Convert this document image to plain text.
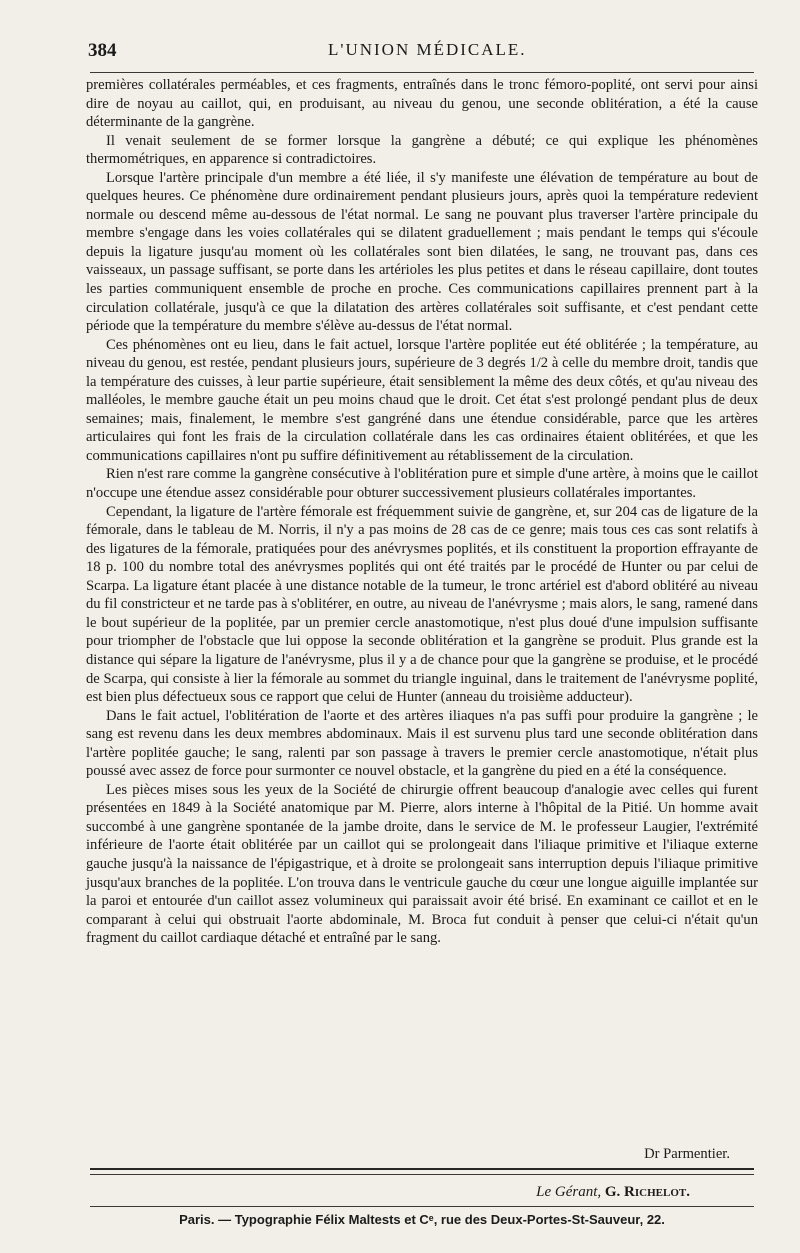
384	L'UNION MÉDICALE.

premières collatérales perméables, et ces fragments, entraînés dans le tronc fémoro-poplité, ont servi pour ainsi dire de noyau au caillot, qui, en produisant, au niveau du genou, une seconde oblitération, a été la cause déterminante de la gangrène.

Il venait seulement de se former lorsque la gangrène a débuté; ce qui explique les phénomènes thermométriques, en apparence si contradictoires.

Lorsque l'artère principale d'un membre a été liée, il s'y manifeste une élévation de température au bout de quelques heures. Ce phénomène dure ordinairement pendant plusieurs jours, après quoi la température redevient normale ou descend même au-dessous de l'état normal. Le sang ne pouvant plus traverser l'artère principale du membre s'engage dans les voies collatérales qui se dilatent graduellement ; mais pendant le temps qui s'écoule depuis la ligature jusqu'au moment où les collatérales sont bien dilatées, le sang, ne trouvant pas, dans ces vaisseaux, un passage suffisant, se porte dans les artérioles les plus petites et dans le réseau capillaire, dont toutes les parties communiquent ensemble de proche en proche. Ces communications capillaires prennent part à la circulation collatérale, jusqu'à ce que la dilatation des artères collatérales soit suffisante, et c'est pendant cette période que la température du membre s'élève au-dessus de l'état normal.

Ces phénomènes ont eu lieu, dans le fait actuel, lorsque l'artère poplitée eut été oblitérée ; la température, au niveau du genou, est restée, pendant plusieurs jours, supérieure de 3 degrés 1/2 à celle du membre droit, tandis que la température des cuisses, à leur partie supérieure, était sensiblement la même des deux côtés, et qu'au niveau des malléoles, le membre gauche était un peu moins chaud que le droit. Cet état s'est prolongé pendant plus de deux semaines; mais, finalement, le membre s'est gangréné dans une étendue considérable, parce que les artères articulaires qui font les frais de la circulation collatérale dans les cas ordinaires étaient oblitérées, et que les communications capillaires n'ont pu suffire définitivement au rétablissement de la circulation.

Rien n'est rare comme la gangrène consécutive à l'oblitération pure et simple d'une artère, à moins que le caillot n'occupe une étendue assez considérable pour obturer successivement plusieurs collatérales importantes.

Cependant, la ligature de l'artère fémorale est fréquemment suivie de gangrène, et, sur 204 cas de ligature de la fémorale, dans le tableau de M. Norris, il n'y a pas moins de 28 cas de ce genre; mais tous ces cas sont relatifs à des ligatures de la fémorale, pratiquées pour des anévrysmes poplités, et ils constituent la proportion effrayante de 18 p. 100 du nombre total des anévrysmes poplités qui ont été traités par le procédé de Hunter ou par celui de Scarpa. La ligature étant placée à une distance notable de la tumeur, le tronc artériel est d'abord oblitéré au niveau du fil constricteur et ne tarde pas à s'oblitérer, en outre, au niveau de l'anévrysme ; mais alors, le sang, ramené dans le bout supérieur de la poplitée, par un premier cercle anastomotique, n'est plus doué d'une impulsion suffisante pour triompher de l'obstacle que lui oppose la seconde oblitération et la gangrène se produit. Plus grande est la distance qui sépare la ligature de l'anévrysme, plus il y a de chance pour que la gangrène se produise, et le procédé de Scarpa, qui consiste à lier la fémorale au sommet du triangle inguinal, dans le traitement de l'anévrysme poplité, est bien plus défectueux sous ce rapport que celui de Hunter (anneau du troisième adducteur).

Dans le fait actuel, l'oblitération de l'aorte et des artères iliaques n'a pas suffi pour produire la gangrène ; le sang est revenu dans les deux membres abdominaux. Mais il est survenu plus tard une seconde oblitération dans l'artère poplitée gauche; le sang, ralenti par son passage à travers le premier cercle anastomotique, n'était plus poussé avec assez de force pour surmonter ce nouvel obstacle, et la gangrène du pied en a été la conséquence.

Les pièces mises sous les yeux de la Société de chirurgie offrent beaucoup d'analogie avec celles qui furent présentées en 1849 à la Société anatomique par M. Pierre, alors interne à l'hôpital de la Pitié. Un homme avait succombé à une gangrène spontanée de la jambe droite, dans le service de M. le professeur Laugier, l'extrémité inférieure de l'aorte était oblitérée par un caillot qui se prolongeait dans l'iliaque primitive et l'iliaque externe gauche jusqu'à la naissance de l'épigastrique, et à droite se prolongeait sans interruption depuis l'iliaque primitive jusqu'aux branches de la poplitée. L'on trouva dans le ventricule gauche du cœur une longue aiguille implantée sur la paroi et entourée d'un caillot assez volumineux qui paraissait avoir été brisé. En examinant ce caillot et en le comparant à celui qui obstruait l'aorte abdominale, M. Broca fut conduit à penser que celui-ci n'était qu'un fragment du caillot cardiaque détaché et entraîné par le sang.

Dr Parmentier.
Le Gérant, G. Richelot.
Paris. — Typographie Félix Maltests et Cᵉ, rue des Deux-Portes-St-Sauveur, 22.
